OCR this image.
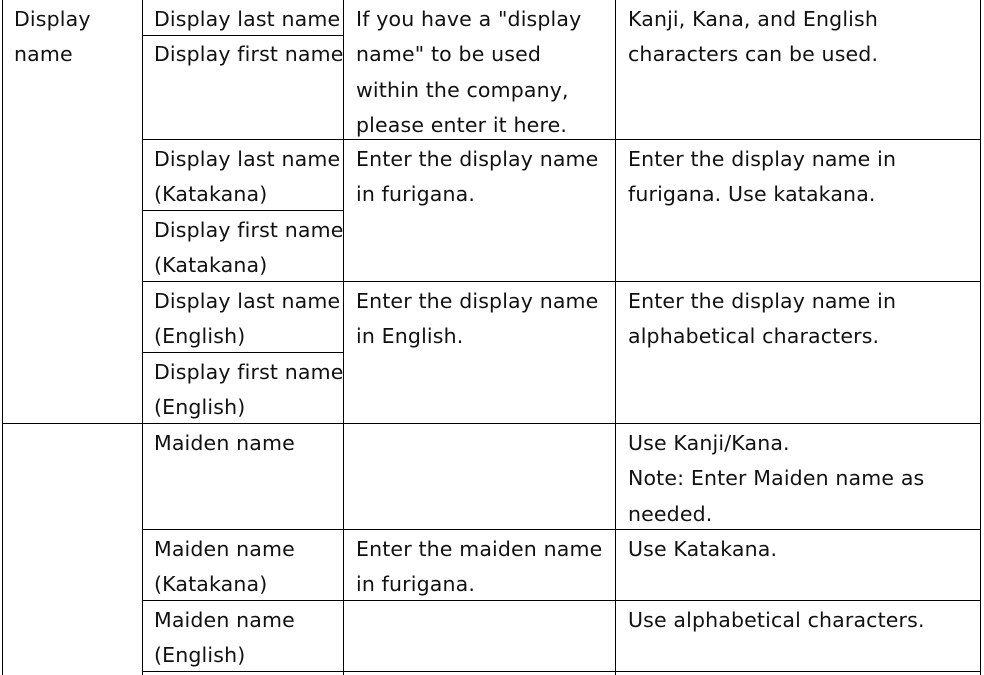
Display
name
Display last name
Display first name
If you have a "display
name" to be used
within the company,
please enter it here.
Kanji, Kana, and English
characters can be used.
Display last name
(Katakana)
Display first name
(Katakana)
Enter the display name
in furigana.
Enter the display name in
furigana. Use katakana.
Display last name
(English)
Display first name
(English)
Enter the display name
in English.
Enter the display name in
alphabetical characters.
Maiden name	Use Kanji/Kana.
Note: Enter Maiden name as
needed.
Maiden name
(Katakana)
Enter the maiden name
in furigana.
Use Katakana.
Maiden name
(English)
Use alphabetical characters.
